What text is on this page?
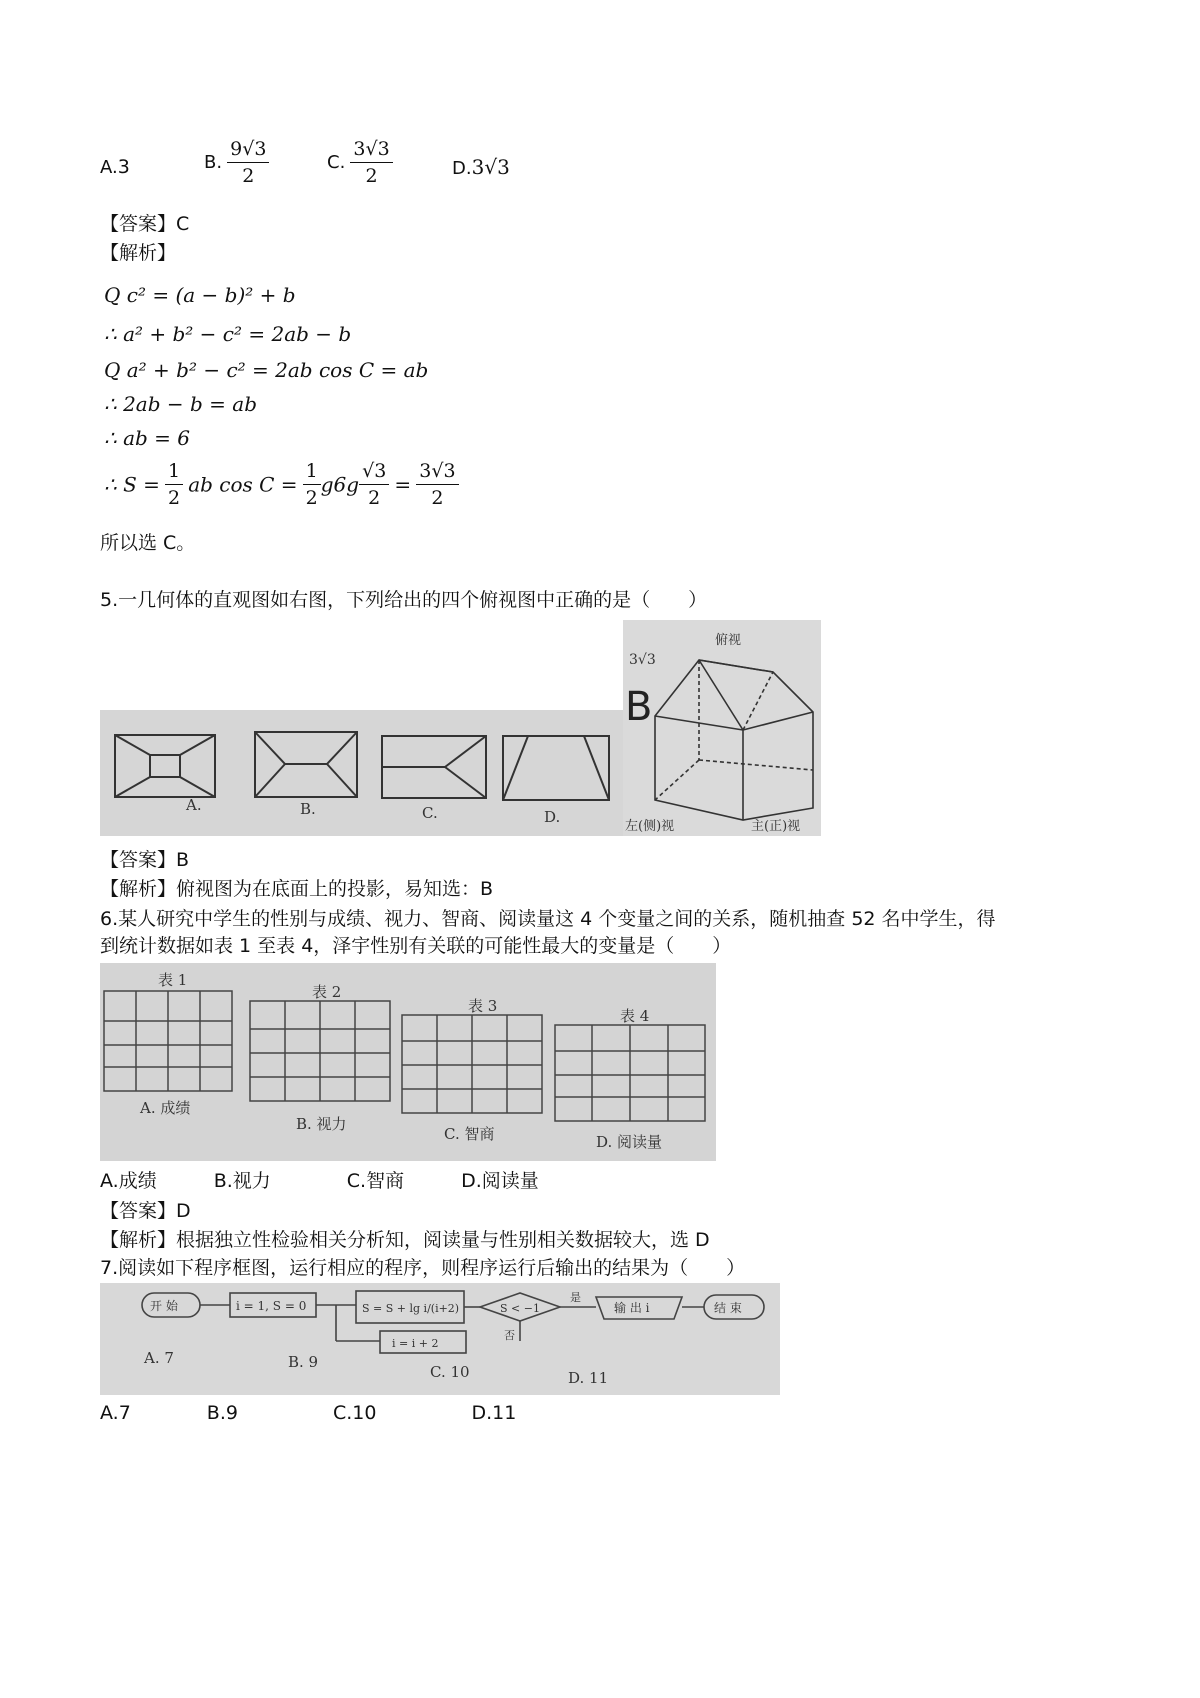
A.3	B. $\frac{9√3}{2}$	C. $\frac{3√3}{2}$	D.3√3
【答案】C
【解析】
Q c² = (a − b)² + b
∴ a² + b² − c² = 2ab − b
Q a² + b² − c² = 2ab cos C = ab
∴ 2ab − b = ab
∴ ab = 6
∴ $S = \frac{1}{2}$ ab $\cos C = \frac{1}{2} g6g \frac{√3}{2} = \frac{3√3}{2}$
所以选 C。
5.一几何体的直观图如右图，下列给出的四个俯视图中正确的是（　　）
A.	B.	C.	D.
3√3
俯视
左(侧)视	主(正)视
B
【答案】B
【解析】俯视图为在底面上的投影，易知选：B
6.某人研究中学生的性别与成绩、视力、智商、阅读量这 4 个变量之间的关系，随机抽查 52 名中学生，得
到统计数据如表 1 至表 4，泽宇性别有关联的可能性最大的变量是（　　）
表 1
表 2
表 3
表 4
A. 成绩
B. 视力
C. 智商	D. 阅读量
A.成绩　　　B.视力　　　　C.智商　　　D.阅读量
【答案】D
【解析】根据独立性检验相关分析知，阅读量与性别相关数据较大，选 D
7.阅读如下程序框图，运行相应的程序，则程序运行后输出的结果为（　　）
开 始	i = 1, S = 0	S = S + lg i/(i+2)	S < −1
是
否
输 出 i	结 束
i = i + 2
A. 7	B. 9
C. 10	D. 11
A.7　　　　B.9　　　　　C.10　　　　　D.11
